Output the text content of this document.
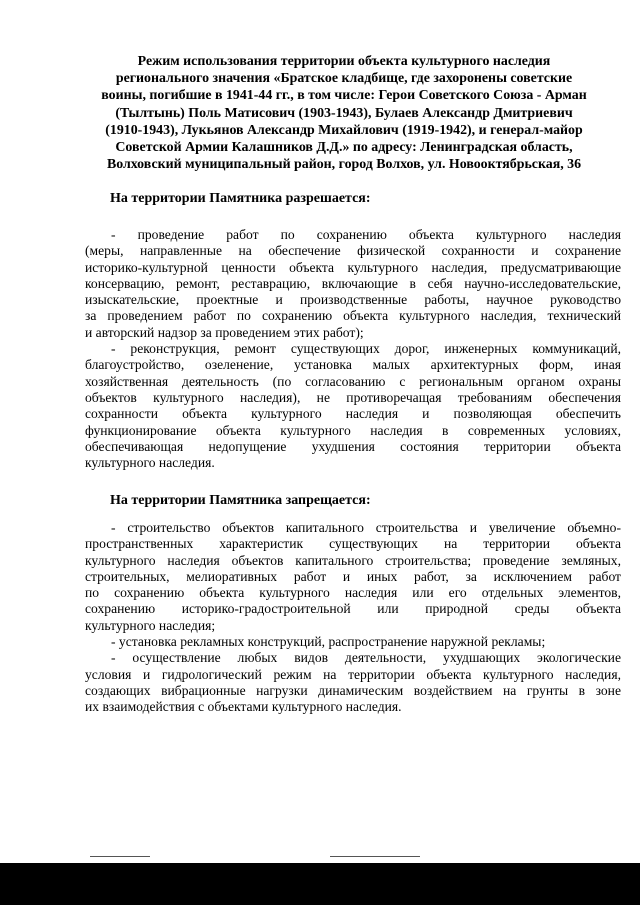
Режим использования территории объекта культурного наследия
регионального значения «Братское кладбище, где захоронены советские
воины, погибшие в 1941-44 гг., в том числе: Герои Советского Союза - Арман
(Тылтынь) Поль Матисович (1903-1943), Булаев Александр Дмитриевич
(1910-1943), Лукьянов Александр Михайлович (1919-1942), и генерал-майор
Советской Армии Калашников Д.Д.» по адресу: Ленинградская область,
Волховский муниципальный район, город Волхов, ул. Новооктябрьская, 36
На территории Памятника разрешается:
- проведение работ по сохранению объекта культурного наследия
(меры, направленные на обеспечение физической сохранности и сохранение
историко-культурной ценности объекта культурного наследия, предусматривающие
консервацию, ремонт, реставрацию, включающие в себя научно-исследовательские,
изыскательские, проектные и производственные работы, научное руководство
за проведением работ по сохранению объекта культурного наследия, технический
и авторский надзор за проведением этих работ);
- реконструкция, ремонт существующих дорог, инженерных коммуникаций,
благоустройство, озеленение, установка малых архитектурных форм, иная
хозяйственная деятельность (по согласованию с региональным органом охраны
объектов культурного наследия), не противоречащая требованиям обеспечения
сохранности объекта культурного наследия и позволяющая обеспечить
функционирование объекта культурного наследия в современных условиях,
обеспечивающая недопущение ухудшения состояния территории объекта
культурного наследия.
На территории Памятника запрещается:
- строительство объектов капитального строительства и увеличение объемно-
пространственных характеристик существующих на территории объекта
культурного наследия объектов капитального строительства; проведение земляных,
строительных, мелиоративных работ и иных работ, за исключением работ
по сохранению объекта культурного наследия или его отдельных элементов,
сохранению историко-градостроительной или природной среды объекта
культурного наследия;
- установка рекламных конструкций, распространение наружной рекламы;
- осуществление любых видов деятельности, ухудшающих экологические
условия и гидрологический режим на территории объекта культурного наследия,
создающих вибрационные нагрузки динамическим воздействием на грунты в зоне
их взаимодействия с объектами культурного наследия.
